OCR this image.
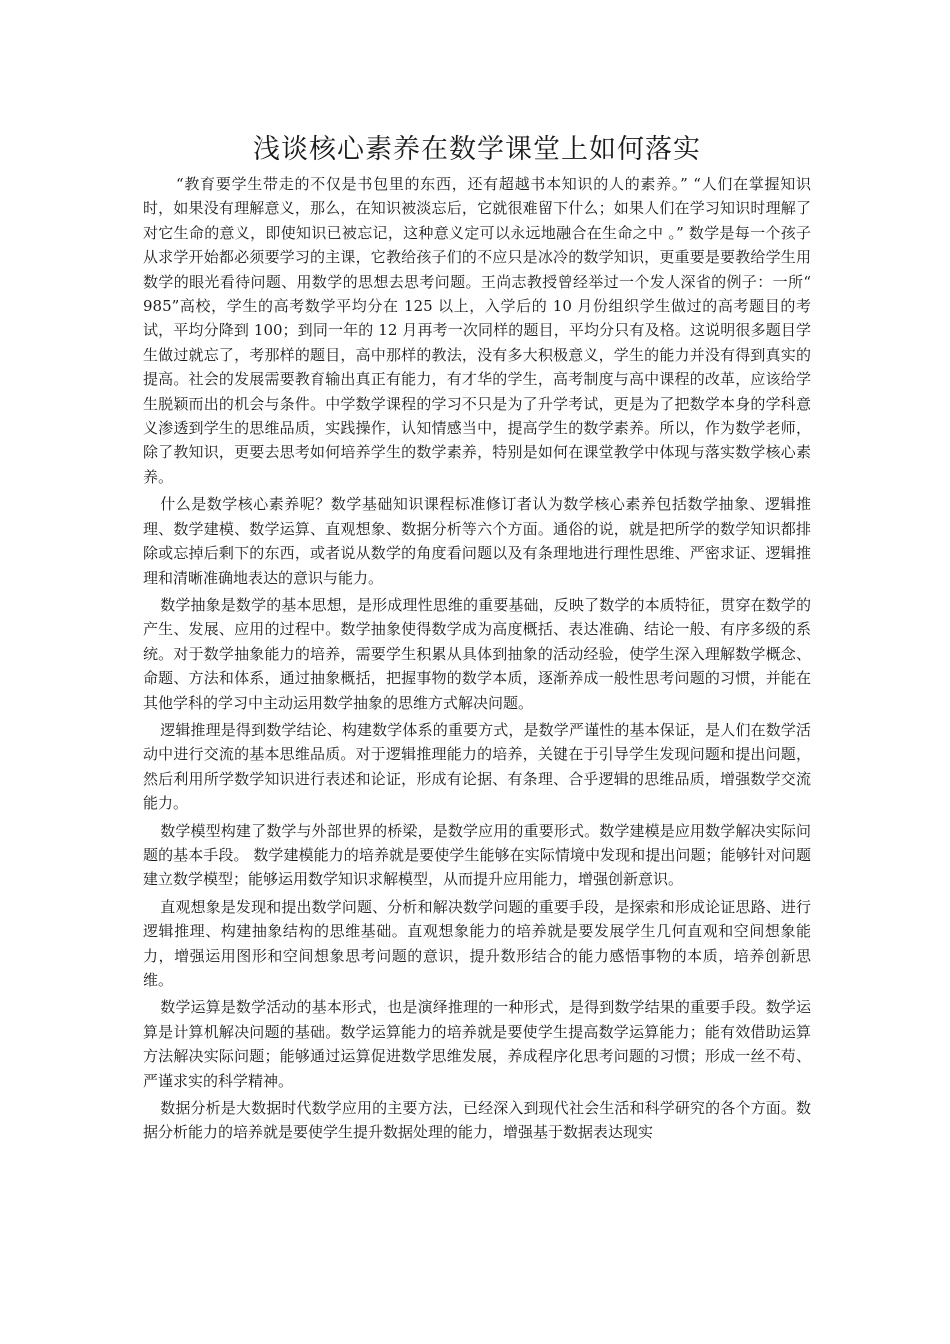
浅谈核心素养在数学课堂上如何落实

“教育要学生带走的不仅是书包里的东西，还有超越书本知识的人的素养。” “人们在掌握知识时，如果没有理解意义，那么，在知识被淡忘后，它就很难留下什么；如果人们在学习知识时理解了对它生命的意义，即使知识已被忘记，这种意义定可以永远地融合在生命之中 。” 数学是每一个孩子从求学开始都必须要学习的主课，它教给孩子们的不应只是冰冷的数学知识，更重要是要教给学生用数学的眼光看待问题、用数学的思想去思考问题。王尚志教授曾经举过一个发人深省的例子：一所“ 985”高校，学生的高考数学平均分在 125 以上，入学后的 10 月份组织学生做过的高考题目的考试，平均分降到 100；到同一年的 12 月再考一次同样的题目，平均分只有及格。这说明很多题目学生做过就忘了，考那样的题目，高中那样的教法，没有多大积极意义，学生的能力并没有得到真实的提高。社会的发展需要教育输出真正有能力，有才华的学生，高考制度与高中课程的改革，应该给学生脱颖而出的机会与条件。中学数学课程的学习不只是为了升学考试，更是为了把数学本身的学科意义渗透到学生的思维品质，实践操作，认知情感当中，提高学生的数学素养。所以，作为数学老师，除了教知识，更要去思考如何培养学生的数学素养，特别是如何在课堂教学中体现与落实数学核心素养。

什么是数学核心素养呢？数学基础知识课程标准修订者认为数学核心素养包括数学抽象、逻辑推理、数学建模、数学运算、直观想象、数据分析等六个方面。通俗的说，就是把所学的数学知识都排除或忘掉后剩下的东西，或者说从数学的角度看问题以及有条理地进行理性思维、严密求证、逻辑推理和清晰准确地表达的意识与能力。

数学抽象是数学的基本思想，是形成理性思维的重要基础，反映了数学的本质特征，贯穿在数学的产生、发展、应用的过程中。数学抽象使得数学成为高度概括、表达准确、结论一般、有序多级的系统。对于数学抽象能力的培养，需要学生积累从具体到抽象的活动经验，使学生深入理解数学概念、命题、方法和体系，通过抽象概括，把握事物的数学本质，逐渐养成一般性思考问题的习惯，并能在其他学科的学习中主动运用数学抽象的思维方式解决问题。

逻辑推理是得到数学结论、构建数学体系的重要方式，是数学严谨性的基本保证，是人们在数学活动中进行交流的基本思维品质。对于逻辑推理能力的培养，关键在于引导学生发现问题和提出问题，然后利用所学数学知识进行表述和论证，形成有论据、有条理、合乎逻辑的思维品质，增强数学交流能力。

数学模型构建了数学与外部世界的桥梁，是数学应用的重要形式。数学建模是应用数学解决实际问题的基本手段。 数学建模能力的培养就是要使学生能够在实际情境中发现和提出问题；能够针对问题建立数学模型；能够运用数学知识求解模型，从而提升应用能力，增强创新意识。

直观想象是发现和提出数学问题、分析和解决数学问题的重要手段，是探索和形成论证思路、进行逻辑推理、构建抽象结构的思维基础。直观想象能力的培养就是要发展学生几何直观和空间想象能力，增强运用图形和空间想象思考问题的意识，提升数形结合的能力感悟事物的本质，培养创新思维。

数学运算是数学活动的基本形式，也是演绎推理的一种形式，是得到数学结果的重要手段。数学运算是计算机解决问题的基础。数学运算能力的培养就是要使学生提高数学运算能力；能有效借助运算方法解决实际问题；能够通过运算促进数学思维发展，养成程序化思考问题的习惯；形成一丝不苟、严谨求实的科学精神。

数据分析是大数据时代数学应用的主要方法，已经深入到现代社会生活和科学研究的各个方面。数据分析能力的培养就是要使学生提升数据处理的能力，增强基于数据表达现实
